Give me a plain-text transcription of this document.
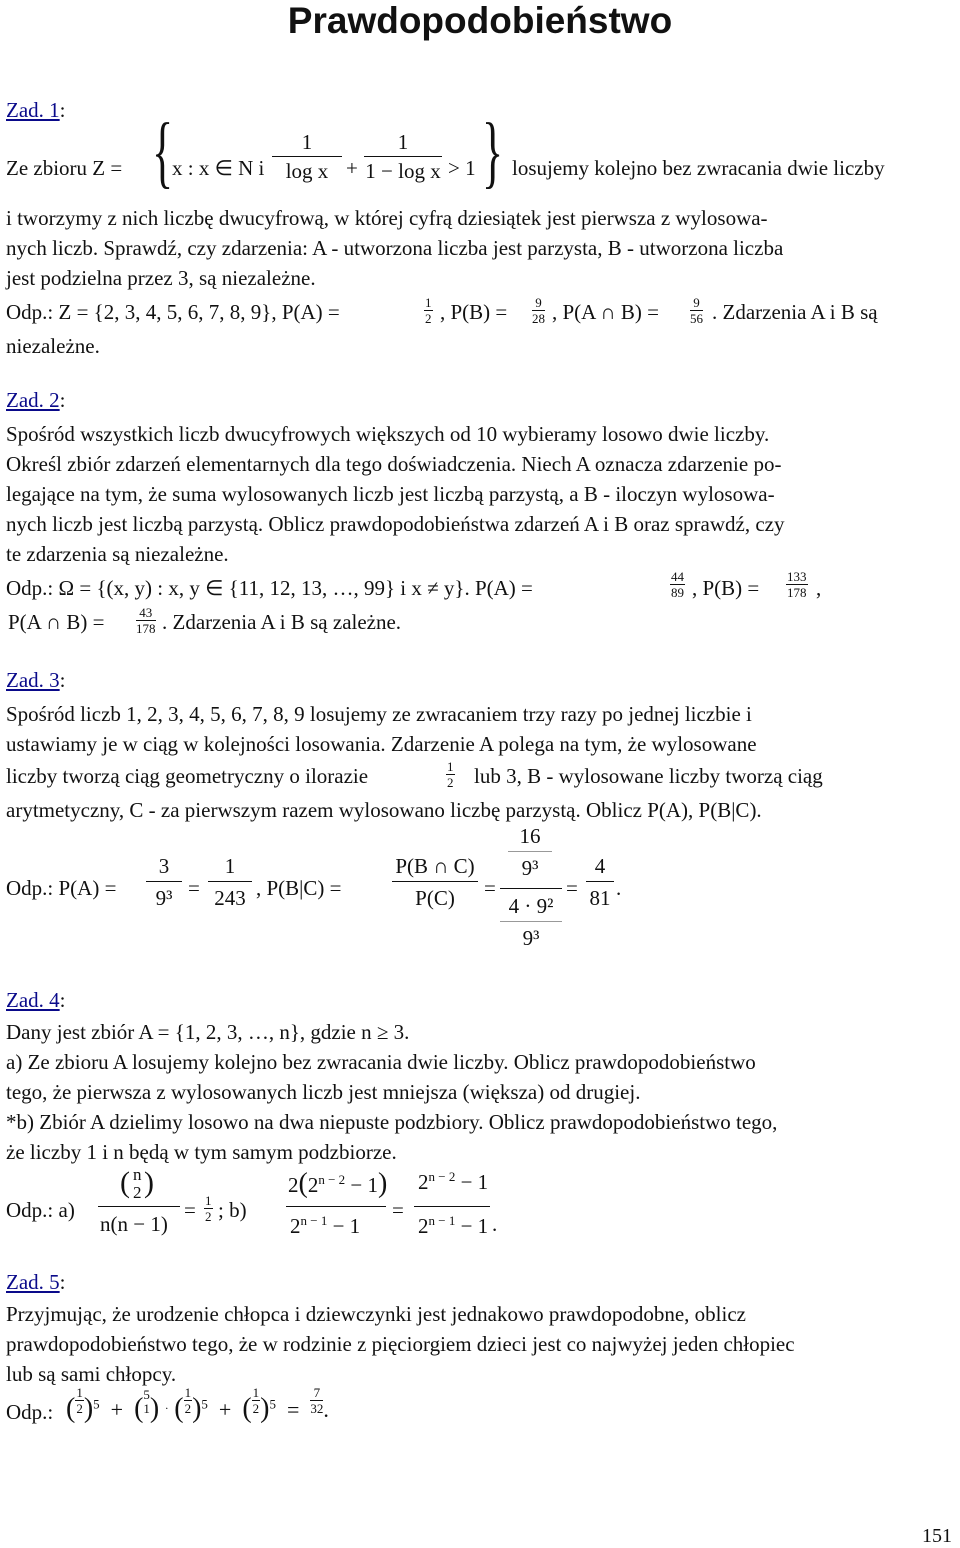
Prawdopodobieństwo
Zad. 1:
Ze zbioru Z = {
x : x ∈ N i
1
log x +
1
1 − log x > 1 } losujemy kolejno bez zwracania dwie liczby
i tworzymy z nich liczbę dwucyfrową, w której cyfrą dziesiątek jest pierwsza z wylosowa-
nych liczb. Sprawdź, czy zdarzenia: A - utworzona liczba jest parzysta, B - utworzona liczba
jest podzielna przez 3, są niezależne.
Odp.: Z = {2, 3, 4, 5, 6, 7, 8, 9}, P(A) =	1
2 , P(B) = 9
28 , P(A ∩ B) =	9
56 . Zdarzenia A i B są
niezależne.
Zad. 2:
Spośród wszystkich liczb dwucyfrowych większych od 10 wybieramy losowo dwie liczby.
Określ zbiór zdarzeń elementarnych dla tego doświadczenia. Niech A oznacza zdarzenie po-
legające na tym, że suma wylosowanych liczb jest liczbą parzystą, a B - iloczyn wylosowa-
nych liczb jest liczbą parzystą. Oblicz prawdopodobieństwa zdarzeń A i B oraz sprawdź, czy
te zdarzenia są niezależne.
Odp.: Ω = {(x, y) : x, y ∈ {11, 12, 13, …, 99} i x ≠ y}. P(A) =	44
89 , P(B) = 133
178 ,
P(A ∩ B) =	43
178 . Zdarzenia A i B są zależne.
Zad. 3:
Spośród liczb 1, 2, 3, 4, 5, 6, 7, 8, 9 losujemy ze zwracaniem trzy razy po jednej liczbie i
ustawiamy je w ciąg w kolejności losowania. Zdarzenie A polega na tym, że wylosowane
liczby tworzą ciąg geometryczny o ilorazie	1
2 lub 3, B - wylosowane liczby tworzą ciąg
arytmetyczny, C - za pierwszym razem wylosowano liczbę parzystą. Oblicz P(A), P(B|C).
Odp.: P(A) =
3
9³ =
1
243 , P(B|C) =
P(B ∩ C)
P(C)	=
16
9³
4 · 9²
9³
=
4
81 .
Zad. 4:
Dany jest zbiór A = {1, 2, 3, …, n}, gdzie n ≥ 3.
a) Ze zbioru A losujemy kolejno bez zwracania dwie liczby. Oblicz prawdopodobieństwo
tego, że pierwsza z wylosowanych liczb jest mniejsza (większa) od drugiej.
*b) Zbiór A dzielimy losowo na dwa niepuste podzbiory. Oblicz prawdopodobieństwo tego,
że liczby 1 i n będą w tym samym podzbiorze.
Odp.: a)
( n
2 )
n(n − 1)
= 1
2 ; b)
$2(2^{n - 2} - 1)$
$2^{n - 1} - 1$
=
$2^{n - 2} - 1$
$2^{n - 1} - 1$ .
Zad. 5:
Przyjmując, że urodzenie chłopca i dziewczynki jest jednakowo prawdopodobne, oblicz
prawdopodobieństwo tego, że w rodzinie z pięciorgiem dzieci jest co najwyżej jeden chłopiec
lub są sami chłopcy.
Odp.: ( $\frac{1}{2} )^5 + (5$
1) · ( $\frac{1}{2} )^5$  +  ( $\frac{1}{2} )^5 = \frac{7}{32}$ .
151
